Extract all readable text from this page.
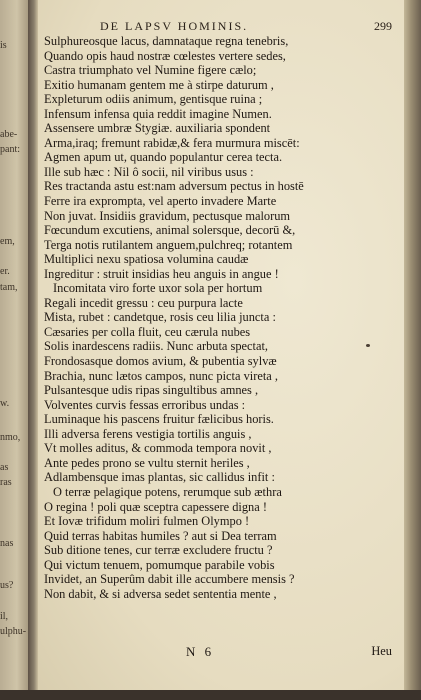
is
abe-
pant:
em,
er.
tam,
w.
nmo,
as
ras
nas
us?
il,
ulphu-
DE LAPSV HOMINIS.	299
Sulphureosque lacus, damnataque regna tenebris,
Quando opis haud nostræ cœlestes vertere sedes,
Castra triumphato vel Numine figere cælo;
Exitio humanam gentem me à stirpe daturum ,
Expleturum odiis animum, gentisque ruina ;
Infensum infensa quia reddit imagine Numen.
Assensere umbræ Stygiæ. auxiliaria spondent
Arma,iraq; fremunt rabidæ,& fera murmura miscēt:
Agmen apum ut, quando populantur cerea tecta.
Ille sub hæc : Nil ô socii, nil viribus usus :
Res tractanda astu est:nam adversum pectus in hostē
Ferre ira exprompta, vel aperto invadere Marte
Non juvat. Insidiis gravidum, pectusque malorum
Fœcundum excutiens, animal solersque, decorū &,
Terga notis rutilantem anguem,pulchreq; rotantem
Multiplici nexu spatiosa volumina caudæ
Ingreditur : struit insidias heu anguis in angue !
Incomitata viro forte uxor sola per hortum
Regali incedit gressu : ceu purpura lacte
Mista, rubet : candetque, rosis ceu lilia juncta :
Cæsaries per colla fluit, ceu cærula nubes
Solis inardescens radiis. Nunc arbuta spectat,
Frondosasque domos avium, & pubentia sylvæ
Brachia, nunc lætos campos, nunc picta vireta ,
Pulsantesque udis ripas singultibus amnes ,
Volventes curvis fessas erroribus undas :
Luminaque his pascens fruitur fælicibus horis.
Illi adversa ferens vestigia tortilis anguis ,
Vt molles aditus, & commoda tempora novit ,
Ante pedes prono se vultu sternit heriles ,
Adlambensque imas plantas, sic callidus infit :
O terræ pelagique potens, rerumque sub æthra
O regina ! poli quæ sceptra capessere digna !
Et Iovæ trifidum moliri fulmen Olympo !
Quid terras habitas humiles ? aut si Dea terram
Sub ditione tenes, cur terræ excludere fructu ?
Qui victum tenuem, pomumque parabile vobis
Invidet, an Superûm dabit ille accumbere mensis ?
Non dabit, & si adversa sedet sententia mente ,
N 6	Heu
